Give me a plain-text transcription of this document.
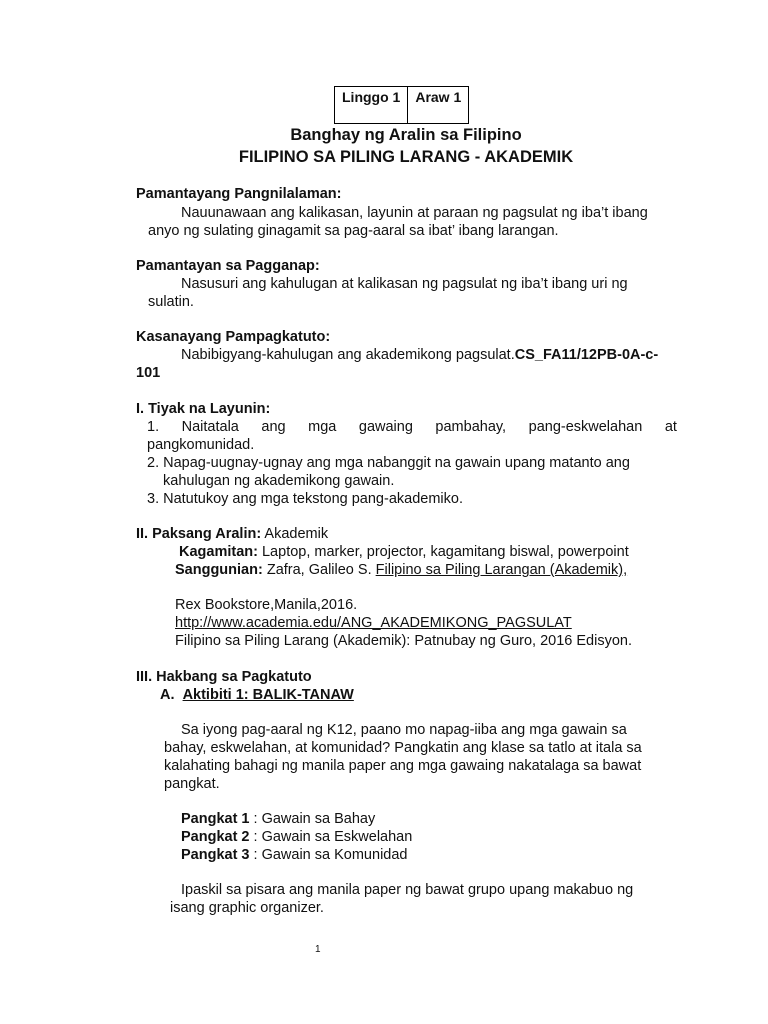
Linggo 1	Araw 1
Banghay ng Aralin sa Filipino
FILIPINO SA PILING LARANG - AKADEMIK
Pamantayang Pangnilalaman:
Nauunawaan ang kalikasan, layunin at paraan ng pagsulat ng iba’t ibang
anyo ng sulating ginagamit sa pag-aaral sa ibat’ ibang larangan.
Pamantayan sa Pagganap:
Nasusuri ang kahulugan at kalikasan ng pagsulat ng iba’t ibang uri ng
sulatin.
Kasanayang Pampagkatuto:
Nabibigyang-kahulugan ang akademikong pagsulat.CS_FA11/12PB-0A-c-
101
I. Tiyak na Layunin:
1. Naitatala ang mga gawaing pambahay, pang-eskwelahan at
pangkomunidad.
2. Napag-uugnay-ugnay ang mga nabanggit na gawain upang matanto ang
kahulugan ng akademikong gawain.
3. Natutukoy ang mga tekstong pang-akademiko.
II. Paksang Aralin: Akademik
Kagamitan: Laptop, marker, projector, kagamitang biswal, powerpoint
Sanggunian: Zafra, Galileo S. Filipino sa Piling Larangan (Akademik),
Rex Bookstore,Manila,2016.
http://www.academia.edu/ANG_AKADEMIKONG_PAGSULAT
Filipino sa Piling Larang (Akademik): Patnubay ng Guro, 2016 Edisyon.
III. Hakbang sa Pagkatuto
A. Aktibiti 1: BALIK-TANAW
Sa iyong pag-aaral ng K12, paano mo napag-iiba ang mga gawain sa
bahay, eskwelahan, at komunidad? Pangkatin ang klase sa tatlo at itala sa
kalahating bahagi ng manila paper ang mga gawaing nakatalaga sa bawat
pangkat.
Pangkat 1 : Gawain sa Bahay
Pangkat 2 : Gawain sa Eskwelahan
Pangkat 3 : Gawain sa Komunidad
Ipaskil sa pisara ang manila paper ng bawat grupo upang makabuo ng
isang graphic organizer.
1
